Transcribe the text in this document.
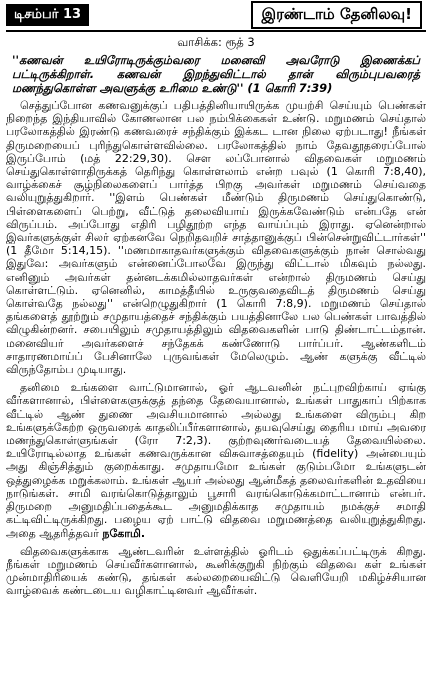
டிசம்பர் 13	இரண்டாம் தேனிலவு!
வாசிக்க: ரூத் 3
''கணவன் உயிரோடிருக்கும்வரை மனைவி அவரோடு இணைக்கப் பட்டிருக்கிறாள். கணவன் இறந்துவிட்டால் தான் விரும்புபவரைத் மணந்துகொள்ள அவளுக்கு உரிமை உண்டு'' (1 கொரி 7:39)

செத்துப்போன கணவனுக்குப் பதிபத்தினியாயிருக்க முயற்சி செய்யும் பெண்கள் நிறைந்த இந்தியாவில் கோணலான பல நம்பிக்கைகள் உண்டு. மறுமணம் செய்தால் பரலோகத்தில் இரண்டு கணவரைச் சந்திக்கும் இக்கட டான நிலை ஏற்படாது! நீங்கள் திருமறையைப் புரிந்துகொள்ளவில்லை. பரலோகத்தில் நாம் தேவதூதரைப்போல் இருப்போம் (மத் 22:29,30). சௌ லப்போனால் விதவைகள் மறுமணம் செய்துகொள்ளாதிருக்கத் தெரிந்து கொள்ளலாம் என்ற பவுல் (1 கொரி 7:8,40), வாழ்க்கைச் சூழ்நிலைகளைப் பார்த்த பிறகு அவர்கள் மறுமணம் செய்வதை வலியுறுத்துகிறார். ''இளம் பெண்கள் மீண்டும் திருமணம் செய்துகொண்டு, பிள்ளைகளைப் பெற்று, வீட்டுத் தலைவியாய் இருக்கவேண்டும் என்பதே என் விருப்பம். அப்போது எதிரி பழிதூற்ற எந்த வாய்ப்பும் இராது. ஏனென்றால் இவர்களுக்குள் சிலர் ஏற்கனவே நெறிதவறிச் சாத்தானுக்குப் பின்சென்றுவிட்டார்கள்'' (1 தீமோ 5:14,15). ''மணமாகாதவர்களுக்கும் விதவைகளுக்கும் நான் சொல்வது இதுவே: அவர்களும் என்னைப்போலவே இருந்து விட்டால் மிகவும் நல்லது. எனினும் அவர்கள் தன்னடக்கமில்லாதவர்கள் என்றால் திருமணம் செய்து கொள்ளட்டும். ஏனெனில், காமத்தீயில் உருகுவதைவிடத் திருமணம் செய்து கொள்வதே நல்லது'' என்றெழுதுகிறார் (1 கொரி 7:8,9). மறுமணம் செய்தால் தங்களைத் தூற்றும் சமுதாயத்தைச் சந்திக்கும் பயத்தினாலே பல பெண்கள் பாவத்தில் விழுகின்றனர். சபையிலும் சமுதாயத்திலும் விதவைகளின் பாடு திண்டாட்டம்தான். மனைவியர் அவர்களைச் சந்தேகக் கண்ணோடு பார்ப்பர். ஆண்களிடம் சாதாரணமாய்ப் பேசினாலே புருவங்கள் மேலெழும். ஆண் களுக்கு வீட்டில் விருந்தோம்ப முடியாது.

தனிமை உங்களை வாட்டுமானால், ஓர் ஆடவனின் நட்புறவிற்காய் ஏங்கு வீர்களானால், பிள்ளைகளுக்குத் தந்தை தேவையானால், உங்கள் பாதுகாப் பிற்காக வீட்டில் ஆண் துணை அவசியமானால் அல்லது உங்களை விரும்பு கிற உங்களுக்கேற்ற ஒருவரைக் காதலிப்பீர்களானால், தயவுசெய்து தைரிய மாய் அவரை மணந்துகொள்ளுங்கள் (ரோ 7:2,3). குற்றவுணர்வடையத் தேவையில்லை. உயிரோடில்லாத உங்கள் கணவருக்கான விசுவாசத்தையும் (fidelity) அன்பையும் அது கிஞ்சித்தும் குறைக்காது. சமுதாயமோ உங்கள் குடும்பமோ உங்களுடன் ஒத்துழைக்க மறுக்கலாம். உங்கள் ஆயர் அல்லது ஆன்மீகத் தலைவர்களின் உதவியை நாடுங்கள். சாமி வரங்கொடுத்தாலும் பூசாரி வரங்கொடுக்கமாட்டானாம் என்பர். திருமறை அனுமதிப்பதைக்கூட அனுமதிக்காத சமுதாயம் நமக்குச் சமாதி கட்டிவிட்டிருக்கிறது. பழைய ஏற் பாட்டு விதவை மறுமணத்தை வலியுறுத்துகிறது. அதை ஆதரித்தவர் நகோமி.

விதவைகளுக்காக ஆண்டவரின் உள்ளத்தில் ஓரிடம் ஒதுக்கப்பட்டிருக் கிறது. நீங்கள் மறுமணம் செய்வீர்களானால், கூனிக்குறுகி நிற்கும் விதவை கள் உங்கள் முன்மாதிரியைக் கண்டு, தங்கள் கல்லறையைவிட்டு வெளியேறி மகிழ்ச்சியான வாழ்வைக் கண்டடைய வழிகாட்டினவர் ஆவீர்கள்.
